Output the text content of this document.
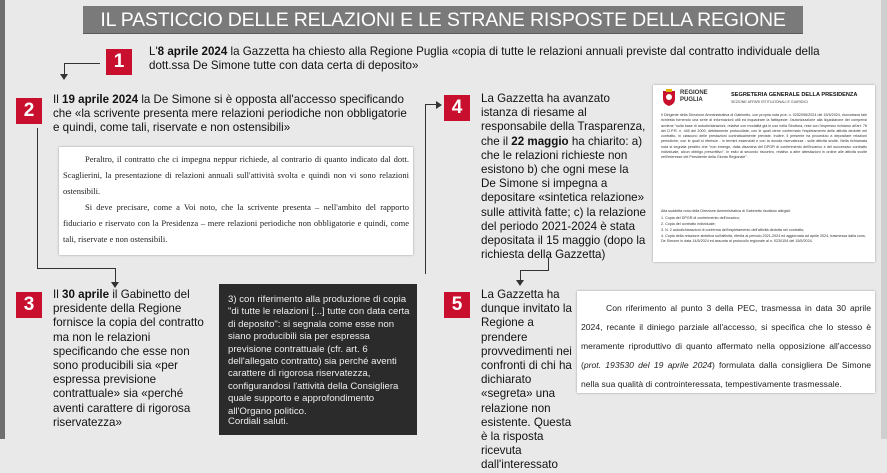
IL PASTICCIO DELLE RELAZIONI E LE STRANE RISPOSTE DELLA REGIONE
1	L'8 aprile 2024 la Gazzetta ha chiesto alla Regione Puglia «copia di tutte le relazioni annuali previste dal contratto individuale della dott.ssa De Simone tutte con data certa di deposito»
2
Il 19 aprile 2024 la De Simone si è opposta all'accesso specificando che «la scrivente presenta mere relazioni periodiche non obbligatorie e quindi, come tali, riservate e non ostensibili»

Peraltro, il contratto che ci impegna neppur richiede, al contrario di quanto indicato dal dott. Scaglierini, la presentazione di relazioni annuali sull'attività svolta e quindi non vi sono relazioni ostensibili.

Si deve precisare, come a Voi noto, che la scrivente presenta – nell'ambito del rapporto fiduciario e riservato con la Presidenza – mere relazioni periodiche non obbligatorie e quindi, come tali, riservate e non ostensibili.

3	Il 30 aprile il Gabinetto del presidente della Regione fornisce la copia del contratto ma non le relazioni specificando che esse non sono producibili sia «per espressa previsione contrattuale» sia «perché aventi carattere di rigorosa riservatezza»

3) con riferimento alla produzione di copia "di tutte le relazioni [...] tutte con data certa di deposito": si segnala come esse non siano producibili sia per espressa previsione contrattuale (cfr. art. 6 dell'allegato contratto) sia perché aventi carattere di rigorosa riservatezza, configurandosi l'attività della Consigliera quale supporto e approfondimento all'Organo politico.

Cordiali saluti.

4	La Gazzetta ha avanzato istanza di riesame al responsabile della Trasparenza, che il 22 maggio ha chiarito: a) che le relazioni richieste non esistono b) che ogni mese la De Simone si impegna a depositare «sintetica relazione» sulle attività fatte; c) la relazione del periodo 2021-2024 è stata depositata il 15 maggio (dopo la richiesta della Gazzetta)
REGIONE
PUGLIA
SEGRETERIA GENERALE DELLA PRESIDENZA
SEZIONE AFFARI ISTITUZIONALI E GIURIDICI

Il Dirigente della Direzione Amministrativa di Gabinetto, con propria nota prot. n. 0252096/2024 del 15/5/2024, riscontrava tale richiesta fornendo una serie di informazioni utili ed inquadrare la fattispecie: l'autorizzazione alla liquidazione dei compensi avviene "sulla base di autodichiarazioni, relative con modalità già in uso nella Struttura, rese con l'espresso richiamo all'art. 76 del D.P.R. n. 445 del 2000, debitamente protocollate, con le quali viene confermato l'espletamento delle attività dedotte nel contratto, in ciascuno delle prestazioni contrattualmente previste. Inoltre, il presente ha proceduto a depositare relazioni periodiche, con le quali si riferisce - in termini essenziali e con la dovuta riservatezza - sulle attività svolte. Nella richiamata nota si segnala peraltro che "non emerge, dalla disamina del DPGR di conferimento dell'incarico e del successivo contratto individuale, alcun obbligo prescrittivo". In esito al secondo riscontro, relativo a altre attestazioni in ordine alle attività svolte nell'interesse del Presidente della Giunta Regionale".

Alla suddetta nota della Direzione Amministrativa di Gabinetto risultano allegati:

1. Copia del DPGR di conferimento dell'incarico;

2. Copia del contratto individuale;

3. N. 2 autodichiarazioni di conferma dell'espletamento dell'attività dedotta nel contratto;

4. Copia della relazione sintetica sull'attività, riferita al periodo 2021-2024 ed aggiornata ad aprile 2024, trasmessa dalla cons. De Simone in data 14/5/2024 ed assunta al protocollo regionale al n. 0230154 del 15/5/2024.

5	La Gazzetta ha dunque invitato la Regione a prendere provvedimenti nei confronti di chi ha dichiarato «segreta» una relazione non esistente. Questa è la risposta ricevuta dall'interessato

Con riferimento al punto 3 della PEC, trasmessa in data 30 aprile 2024, recante il diniego parziale all'accesso, si specifica che lo stesso è meramente riproduttivo di quanto affermato nella opposizione all'accesso (prot. 193530 del 19 aprile 2024) formulata dalla consigliera De Simone nella sua qualità di controinteressata, tempestivamente trasmessale.
